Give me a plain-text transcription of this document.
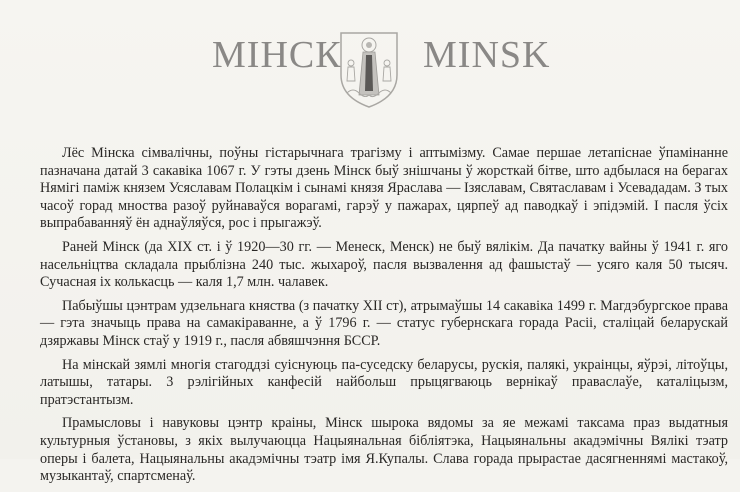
МІНСК MINSK

Лёс Мінска сімвалічны, поўны гістарычнага трагізму і аптымізму. Самае першае летапіснае ўпамінанне пазначана датай 3 сакавіка 1067 г. У гэты дзень Мінск быў знішчаны ў жорсткай бітве, што адбылася на берагах Нямігі паміж князем Усяславам Полацкім і сынамі князя Яраслава — Ізяславам, Святаславам і Усевададам. З тых часоў горад мноства разоў руйнаваўся ворагамі, гарэў у пажарах, цярпеў ад паводкаў і эпідэмій. І пасля ўсіх выпрабаванняў ён аднаўляўся, рос і прыгажэў.

Раней Мінск (да XIX ст. і ў 1920—30 гг. — Менеск, Менск) не быў вялікім. Да пачатку вайны ў 1941 г. яго насельніцтва складала прыблізна 240 тыс. жыхароў, пасля вызвалення ад фашыстаў — усяго каля 50 тысяч. Сучасная іх колькасць — каля 1,7 млн. чалавек.

Пабыўшы цэнтрам удзельнага княства (з пачатку XII ст), атрымаўшы 14 сакавіка 1499 г. Магдэбургское права — гэта значыць права на самакіраванне, а ў 1796 г. — статус губернскага горада Расіі, сталіцай беларускай дзяржавы Мінск стаў у 1919 г., пасля абвяшчэння БССР.

На мінскай зямлі многія стагоддзі суіснуюць па-суседску беларусы, рускія, палякі, украінцы, яўрэі, літоўцы, латышы, татары. 3 рэлігійных канфесій найбольш прыцягваюць вернікаў праваслаўе, каталіцызм, пратэстантызм.

Прамысловы і навуковы цэнтр краіны, Мінск шырока вядомы за яе межамі таксама праз выдатныя культурныя ўстановы, з якіх вылучаюцца Нацыянальная бібліятэка, Нацыянальны акадэмічны Вялікі тэатр оперы і балета, Нацыянальны акадэмічны тэатр імя Я.Купалы. Слава горада прырастае дасягненнямі мастакоў, музыкантаў, спартсменаў.
